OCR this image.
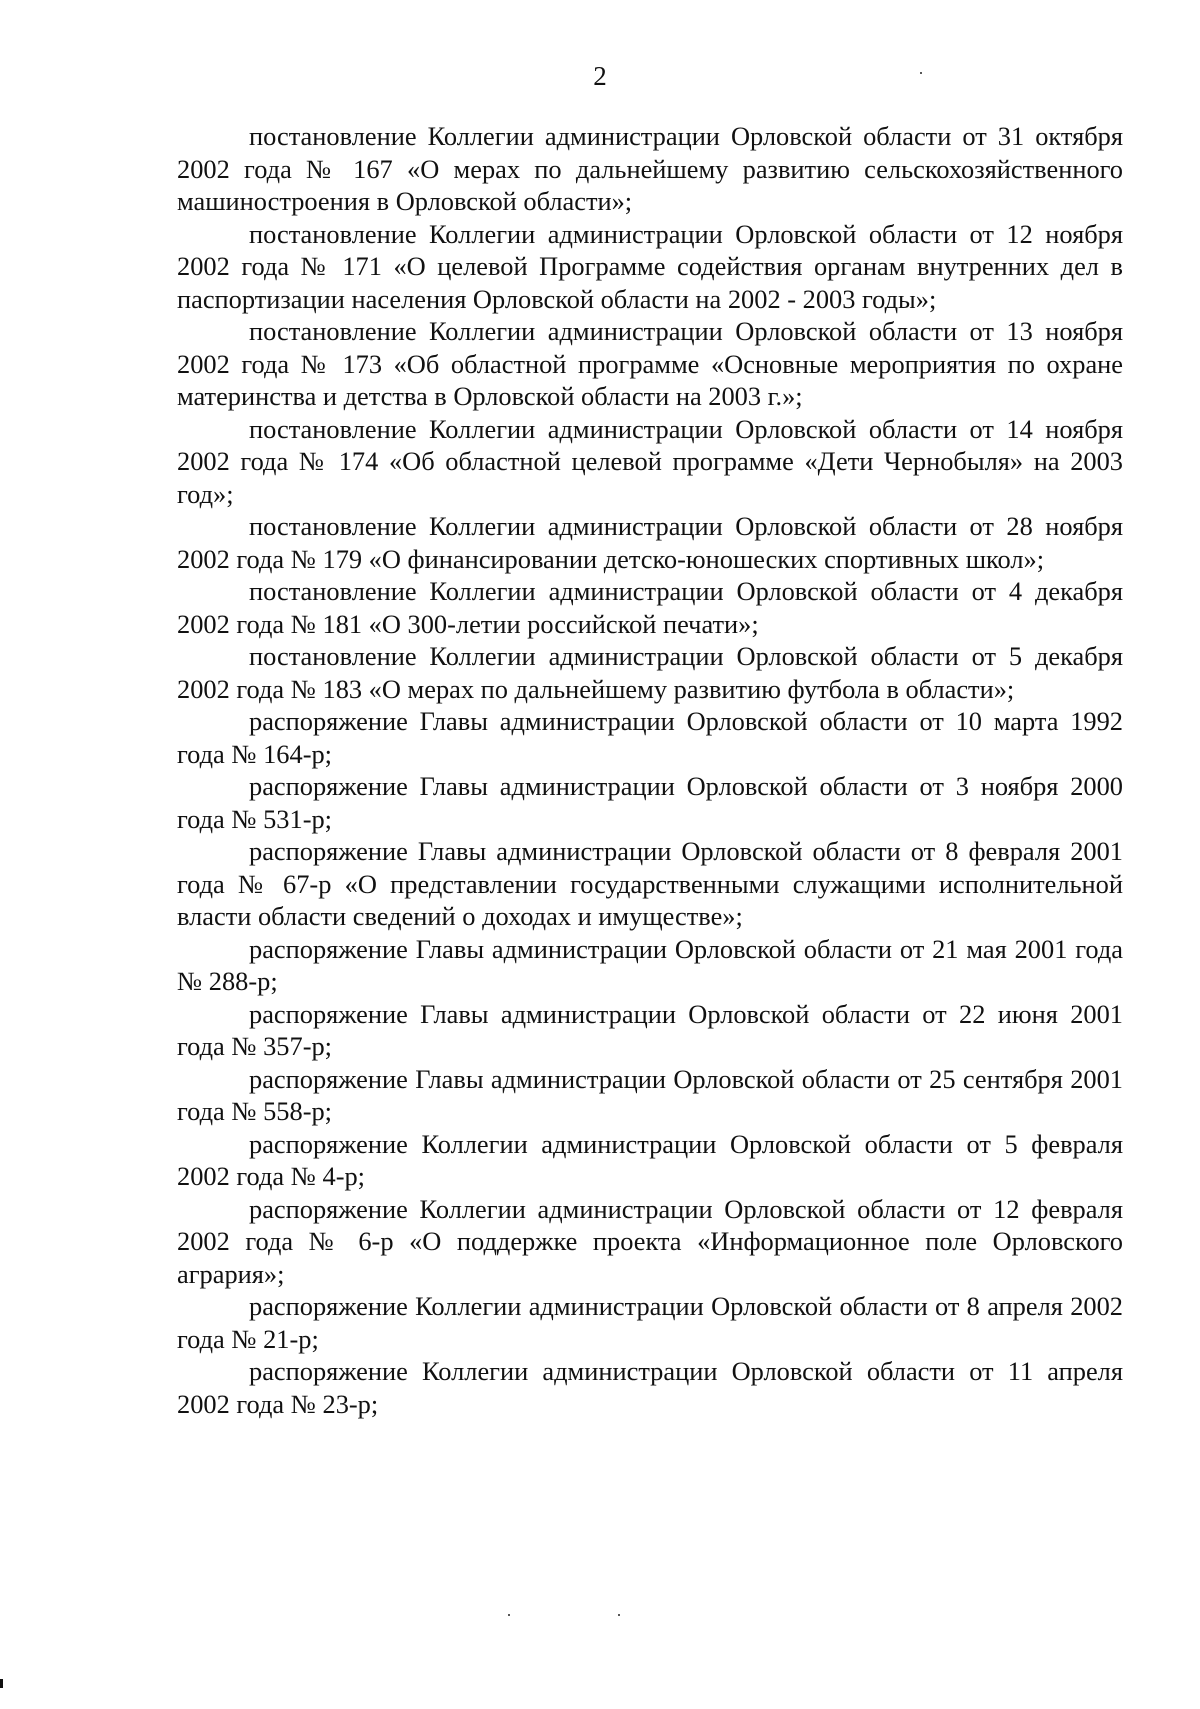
2

постановление Коллегии администрации Орловской области от 31 октября 2002 года № 167 «О мерах по дальнейшему развитию сельскохозяйственного машиностроения в Орловской области»;

постановление Коллегии администрации Орловской области от 12 ноября 2002 года № 171 «О целевой Программе содействия органам внутренних дел в паспортизации населения Орловской области на 2002 - 2003 годы»;

постановление Коллегии администрации Орловской области от 13 ноября 2002 года № 173 «Об областной программе «Основные мероприятия по охране материнства и детства в Орловской области на 2003 г.»;

постановление Коллегии администрации Орловской области от 14 ноября 2002 года № 174 «Об областной целевой программе «Дети Чернобыля» на 2003 год»;

постановление Коллегии администрации Орловской области от 28 ноября 2002 года № 179 «О финансировании детско-юношеских спортивных школ»;

постановление Коллегии администрации Орловской области от 4 декабря 2002 года № 181 «О 300-летии российской печати»;

постановление Коллегии администрации Орловской области от 5 декабря 2002 года № 183 «О мерах по дальнейшему развитию футбола в области»;

распоряжение Главы администрации Орловской области от 10 марта 1992 года № 164-р;

распоряжение Главы администрации Орловской области от 3 ноября 2000 года № 531-р;

распоряжение Главы администрации Орловской области от 8 февраля 2001 года № 67-р «О представлении государственными служащими исполнительной власти области сведений о доходах и имуществе»;

распоряжение Главы администрации Орловской области от 21 мая 2001 года № 288-р;

распоряжение Главы администрации Орловской области от 22 июня 2001 года № 357-р;

распоряжение Главы администрации Орловской области от 25 сентября 2001 года № 558-р;

распоряжение Коллегии администрации Орловской области от 5 февраля 2002 года № 4-р;

распоряжение Коллегии администрации Орловской области от 12 февраля 2002 года № 6-р «О поддержке проекта «Информационное поле Орловского агрария»;

распоряжение Коллегии администрации Орловской области от 8 апреля 2002 года № 21-р;

распоряжение Коллегии администрации Орловской области от 11 апреля 2002 года № 23-р;
